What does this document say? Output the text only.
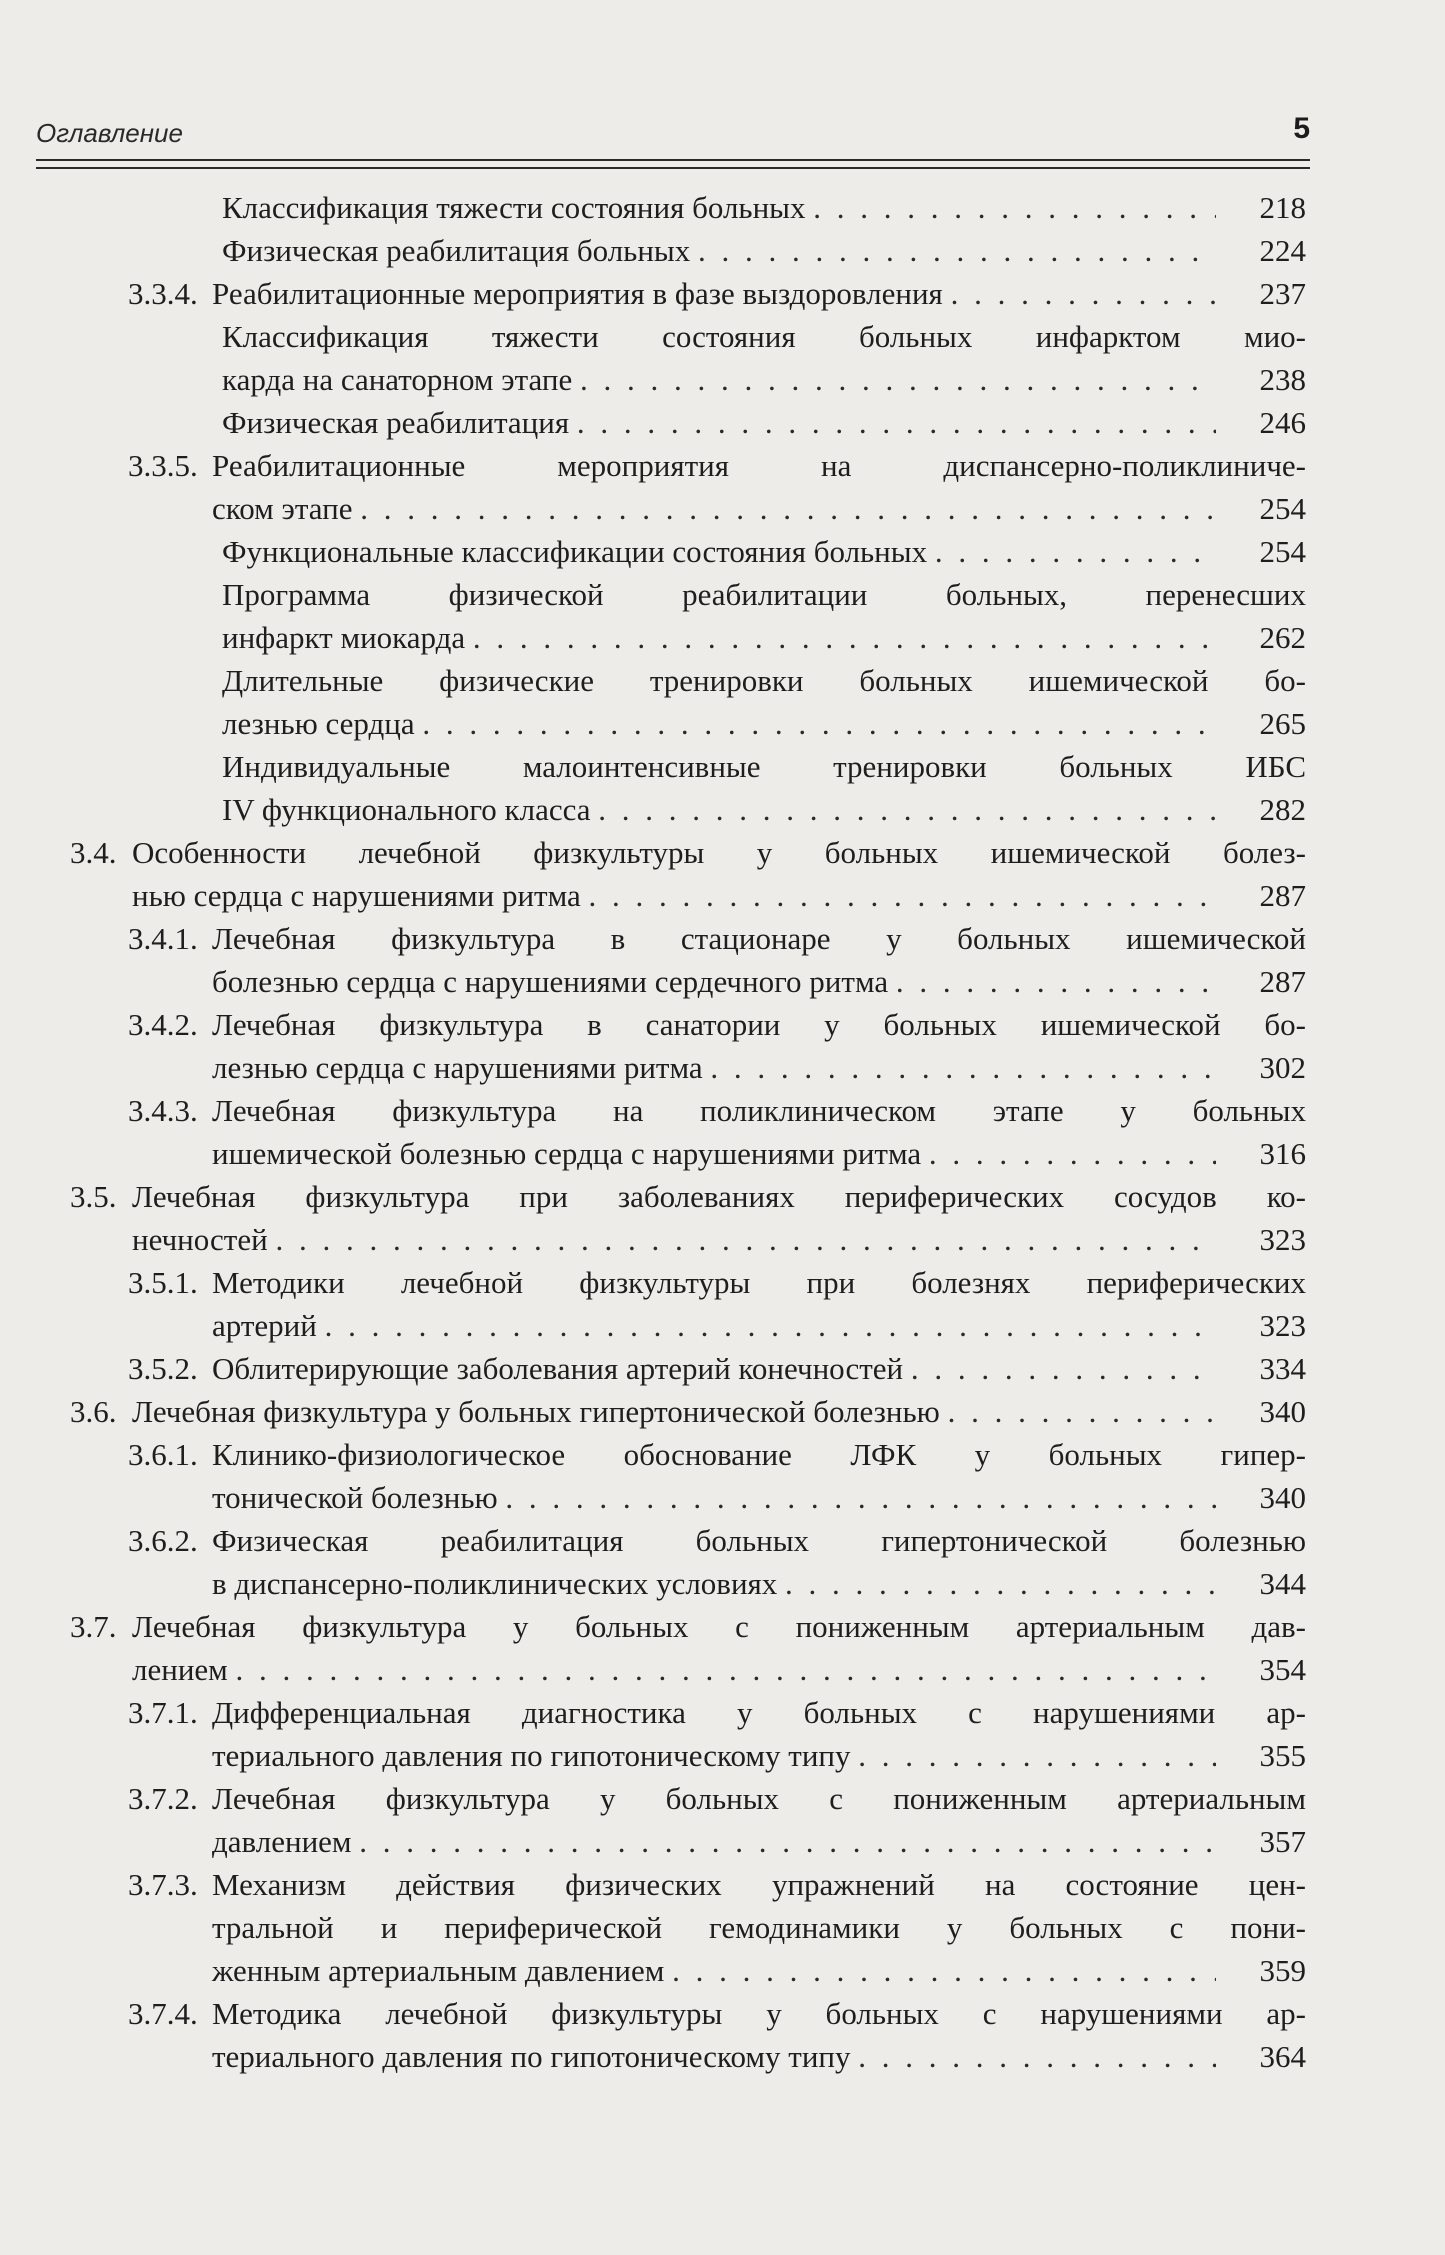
Оглавление	5
Классификация тяжести состояния больных . . .	218
Физическая реабилитация больных . . .	224
3.3.4. Реабилитационные мероприятия в фазе выздоровления . . .	237
Классификация тяжести состояния больных инфарктом мио-
карда на санаторном этапе . . .	238
Физическая реабилитация . . .	246
3.3.5. Реабилитационные мероприятия на диспансерно-поликлиниче-
ском этапе . . .	254
Функциональные классификации состояния больных . . .	254
Программа физической реабилитации больных, перенесших
инфаркт миокарда . . .	262
Длительные физические тренировки больных ишемической бо-
лезнью сердца . . .	265
Индивидуальные малоинтенсивные тренировки больных ИБС
IV функционального класса . . .	282
3.4. Особенности лечебной физкультуры у больных ишемической болез-
нью сердца с нарушениями ритма . . .	287
3.4.1. Лечебная физкультура в стационаре у больных ишемической
болезнью сердца с нарушениями сердечного ритма . . .	287
3.4.2. Лечебная физкультура в санатории у больных ишемической бо-
лезнью сердца с нарушениями ритма . . .	302
3.4.3. Лечебная физкультура на поликлиническом этапе у больных
ишемической болезнью сердца с нарушениями ритма . . .	316
3.5. Лечебная физкультура при заболеваниях периферических сосудов ко-
нечностей . . .	323
3.5.1. Методики лечебной физкультуры при болезнях периферических
артерий . . .	323
3.5.2. Облитерирующие заболевания артерий конечностей . . .	334
3.6. Лечебная физкультура у больных гипертонической болезнью . . .	340
3.6.1. Клинико-физиологическое обоснование ЛФК у больных гипер-
тонической болезнью . . .	340
3.6.2. Физическая реабилитация больных гипертонической болезнью
в диспансерно-поликлинических условиях . . .	344
3.7. Лечебная физкультура у больных с пониженным артериальным дав-
лением . . .	354
3.7.1. Дифференциальная диагностика у больных с нарушениями ар-
териального давления по гипотоническому типу . . .	355
3.7.2. Лечебная физкультура у больных с пониженным артериальным
давлением . . .	357
3.7.3. Механизм действия физических упражнений на состояние цен-
тральной и периферической гемодинамики у больных с пони-
женным артериальным давлением . . .	359
3.7.4. Методика лечебной физкультуры у больных с нарушениями ар-
териального давления по гипотоническому типу . . .	364
